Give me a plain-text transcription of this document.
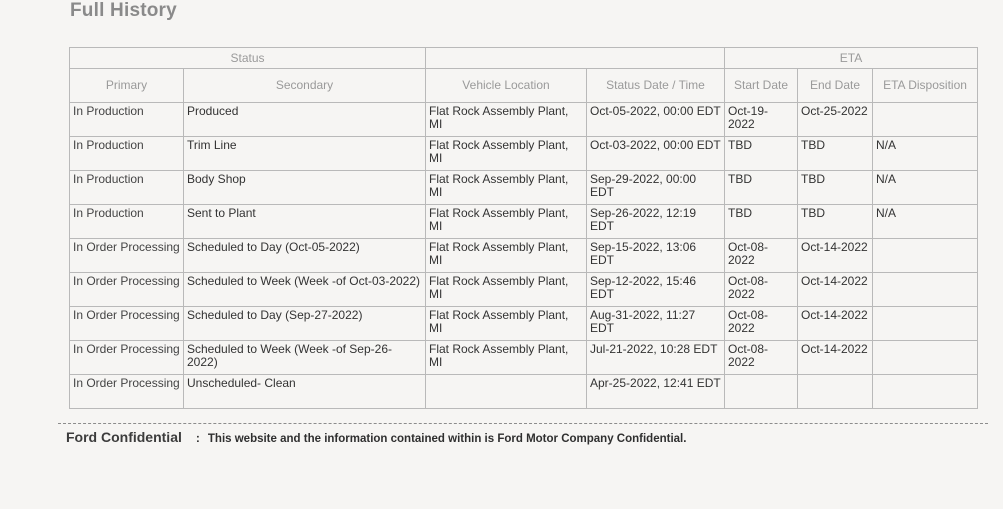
Full History
Status				ETA		
Primary	Secondary	Vehicle Location	Status Date / Time	Start Date	End Date	ETA Disposition
In Production	Produced	Flat Rock Assembly Plant, MI	Oct-05-2022, 00:00 EDT	Oct-19-2022	Oct-25-2022	
In Production	Trim Line	Flat Rock Assembly Plant, MI	Oct-03-2022, 00:00 EDT	TBD	TBD	N/A
In Production	Body Shop	Flat Rock Assembly Plant, MI	Sep-29-2022, 00:00 EDT	TBD	TBD	N/A
In Production	Sent to Plant	Flat Rock Assembly Plant, MI	Sep-26-2022, 12:19 EDT	TBD	TBD	N/A
In Order Processing	Scheduled to Day (Oct-05-2022)	Flat Rock Assembly Plant, MI	Sep-15-2022, 13:06 EDT	Oct-08-2022	Oct-14-2022	
In Order Processing	Scheduled to Week (Week -of Oct-03-2022)	Flat Rock Assembly Plant, MI	Sep-12-2022, 15:46 EDT	Oct-08-2022	Oct-14-2022	
In Order Processing	Scheduled to Day (Sep-27-2022)	Flat Rock Assembly Plant, MI	Aug-31-2022, 11:27 EDT	Oct-08-2022	Oct-14-2022	
In Order Processing	Scheduled to Week (Week -of Sep-26-2022)	Flat Rock Assembly Plant, MI	Jul-21-2022, 10:28 EDT	Oct-08-2022	Oct-14-2022	
In Order Processing	Unscheduled- Clean		Apr-25-2022, 12:41 EDT			
Ford Confidential : This website and the information contained within is Ford Motor Company Confidential.
